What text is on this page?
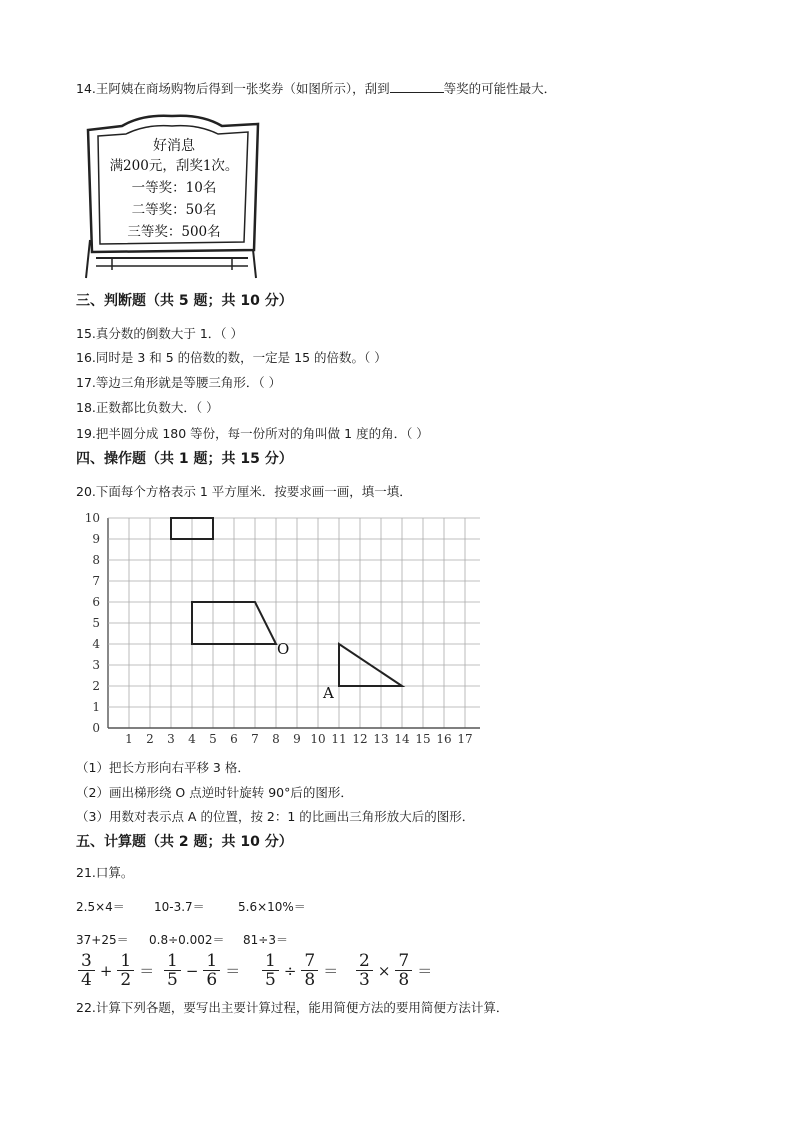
14.王阿姨在商场购物后得到一张奖券（如图所示），刮到	等奖的可能性最大．
好消息
满200元，刮奖1次。
一等奖：10名
二等奖：50名
三等奖：500名
三、判断题（共 5 题；共 10 分）
15.真分数的倒数大于 1．（ ）
16.同时是 3 和 5 的倍数的数，一定是 15 的倍数。（ ）
17.等边三角形就是等腰三角形．（ ）
18.正数都比负数大．（ ）
19.把半圆分成 180 等份，每一份所对的角叫做 1 度的角．（ ）
四、操作题（共 1 题；共 15 分）
20.下面每个方格表示 1 平方厘米．按要求画一画，填一填．
1 2 3 4 5 6 7 8 9 10 11 12 13 14 15 16 17
0
1
2
3
4
5
6
7
8
9
10
O
A
（1）把长方形向右平移 3 格．
（2）画出梯形绕 O 点逆时针旋转 90°后的图形．
（3）用数对表示点 A 的位置，按 2：1 的比画出三角形放大后的图形．
五、计算题（共 2 题；共 10 分）
21.口算。
2.5×4＝ 10-3.7＝	5.6×10%＝
37+25＝ 0.8÷0.002＝ 81÷3＝
$\frac{3}{4} + \frac{1}{2} = \frac{1}{5} - \frac{1}{6} = \frac{1}{5} \div \frac{7}{8} = \frac{2}{3} \times \frac{7}{8}$ ＝
22.计算下列各题，要写出主要计算过程，能用简便方法的要用简便方法计算．
